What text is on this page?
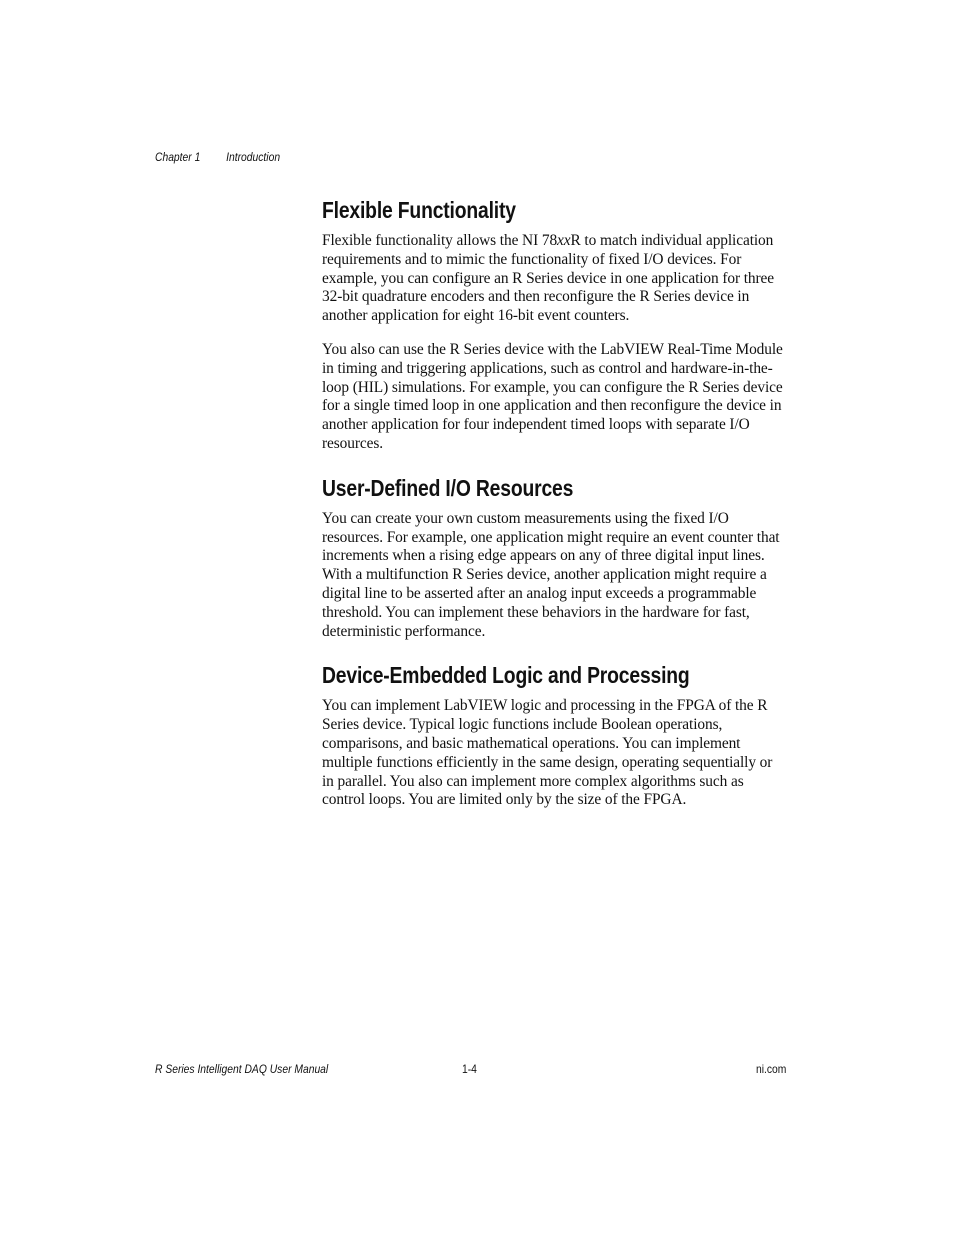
Chapter 1 Introduction
Flexible Functionality

Flexible functionality allows the NI 78xxR to match individual application requirements and to mimic the functionality of fixed I/O devices. For example, you can configure an R Series device in one application for three 32-bit quadrature encoders and then reconfigure the R Series device in another application for eight 16-bit event counters.

You also can use the R Series device with the LabVIEW Real-Time Module in timing and triggering applications, such as control and hardware-in-the-loop (HIL) simulations. For example, you can configure the R Series device for a single timed loop in one application and then reconfigure the device in another application for four independent timed loops with separate I/O resources.

User-Defined I/O Resources

You can create your own custom measurements using the fixed I/O resources. For example, one application might require an event counter that increments when a rising edge appears on any of three digital input lines. With a multifunction R Series device, another application might require a digital line to be asserted after an analog input exceeds a programmable threshold. You can implement these behaviors in the hardware for fast, deterministic performance.

Device-Embedded Logic and Processing

You can implement LabVIEW logic and processing in the FPGA of the R Series device. Typical logic functions include Boolean operations, comparisons, and basic mathematical operations. You can implement multiple functions efficiently in the same design, operating sequentially or in parallel. You also can implement more complex algorithms such as control loops. You are limited only by the size of the FPGA.

R Series Intelligent DAQ User Manual	1-4	ni.com
